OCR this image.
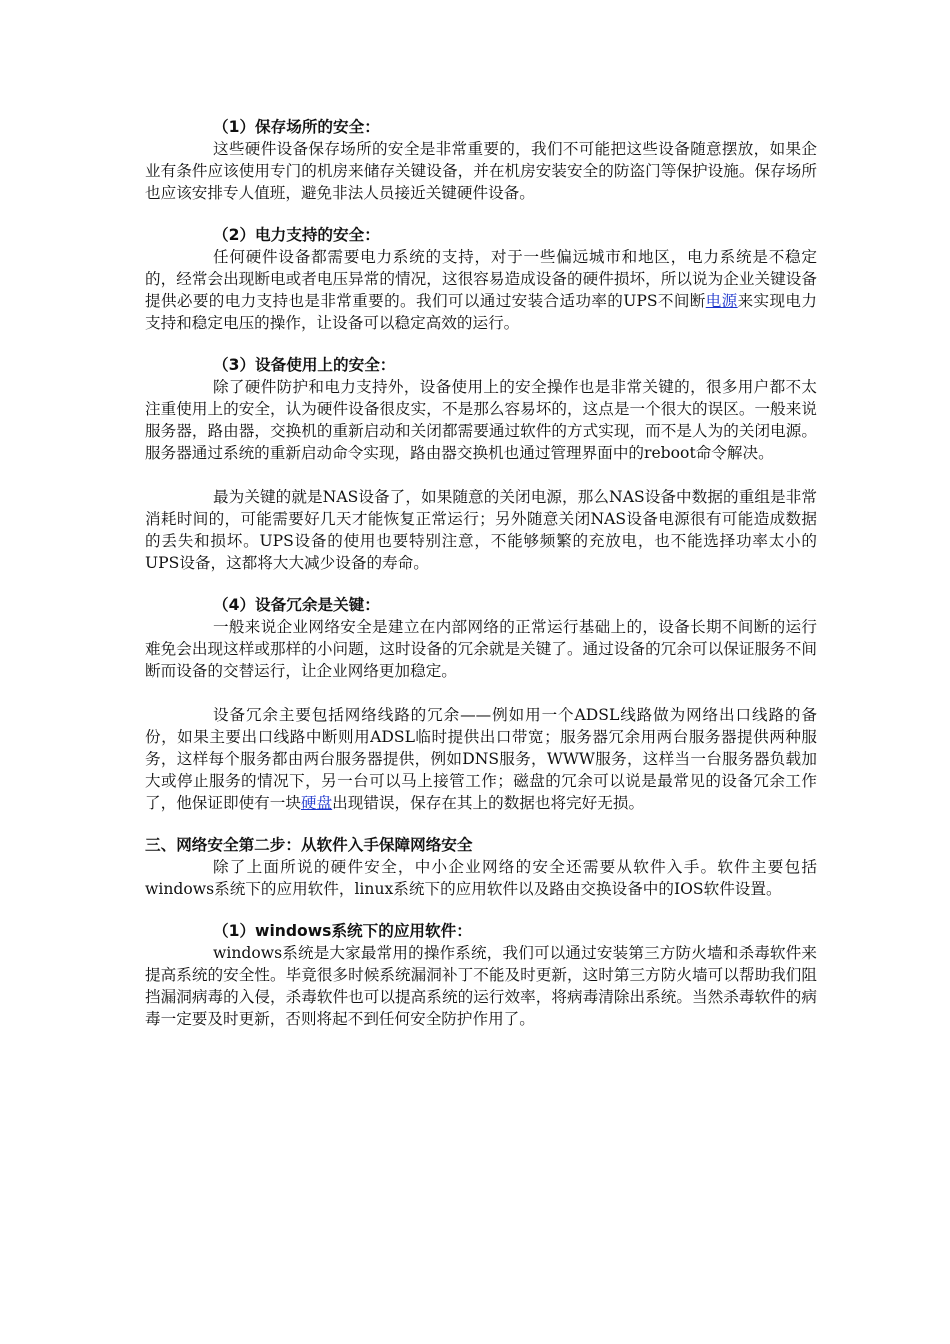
（1）保存场所的安全：
这些硬件设备保存场所的安全是非常重要的，我们不可能把这些设备随意摆放，如果企业有条件应该使用专门的机房来储存关键设备，并在机房安装安全的防盗门等保护设施。保存场所也应该安排专人值班，避免非法人员接近关键硬件设备。
（2）电力支持的安全：
任何硬件设备都需要电力系统的支持，对于一些偏远城市和地区，电力系统是不稳定的，经常会出现断电或者电压异常的情况，这很容易造成设备的硬件损坏，所以说为企业关键设备提供必要的电力支持也是非常重要的。我们可以通过安装合适功率的UPS不间断电源来实现电力支持和稳定电压的操作，让设备可以稳定高效的运行。
（3）设备使用上的安全：
除了硬件防护和电力支持外，设备使用上的安全操作也是非常关键的，很多用户都不太注重使用上的安全，认为硬件设备很皮实，不是那么容易坏的，这点是一个很大的误区。一般来说服务器，路由器，交换机的重新启动和关闭都需要通过软件的方式实现，而不是人为的关闭电源。服务器通过系统的重新启动命令实现，路由器交换机也通过管理界面中的reboot命令解决。
最为关键的就是NAS设备了，如果随意的关闭电源，那么NAS设备中数据的重组是非常消耗时间的，可能需要好几天才能恢复正常运行；另外随意关闭NAS设备电源很有可能造成数据的丢失和损坏。UPS设备的使用也要特别注意，不能够频繁的充放电，也不能选择功率太小的UPS设备，这都将大大减少设备的寿命。
（4）设备冗余是关键：
一般来说企业网络安全是建立在内部网络的正常运行基础上的，设备长期不间断的运行难免会出现这样或那样的小问题，这时设备的冗余就是关键了。通过设备的冗余可以保证服务不间断而设备的交替运行，让企业网络更加稳定。
设备冗余主要包括网络线路的冗余——例如用一个ADSL线路做为网络出口线路的备份，如果主要出口线路中断则用ADSL临时提供出口带宽；服务器冗余用两台服务器提供两种服务，这样每个服务都由两台服务器提供，例如DNS服务，WWW服务，这样当一台服务器负载加大或停止服务的情况下，另一台可以马上接管工作；磁盘的冗余可以说是最常见的设备冗余工作了，他保证即使有一块硬盘出现错误，保存在其上的数据也将完好无损。
三、网络安全第二步：从软件入手保障网络安全
除了上面所说的硬件安全，中小企业网络的安全还需要从软件入手。软件主要包括windows系统下的应用软件，linux系统下的应用软件以及路由交换设备中的IOS软件设置。
（1）windows系统下的应用软件：
windows系统是大家最常用的操作系统，我们可以通过安装第三方防火墙和杀毒软件来提高系统的安全性。毕竟很多时候系统漏洞补丁不能及时更新，这时第三方防火墙可以帮助我们阻挡漏洞病毒的入侵，杀毒软件也可以提高系统的运行效率，将病毒清除出系统。当然杀毒软件的病毒一定要及时更新，否则将起不到任何安全防护作用了。
